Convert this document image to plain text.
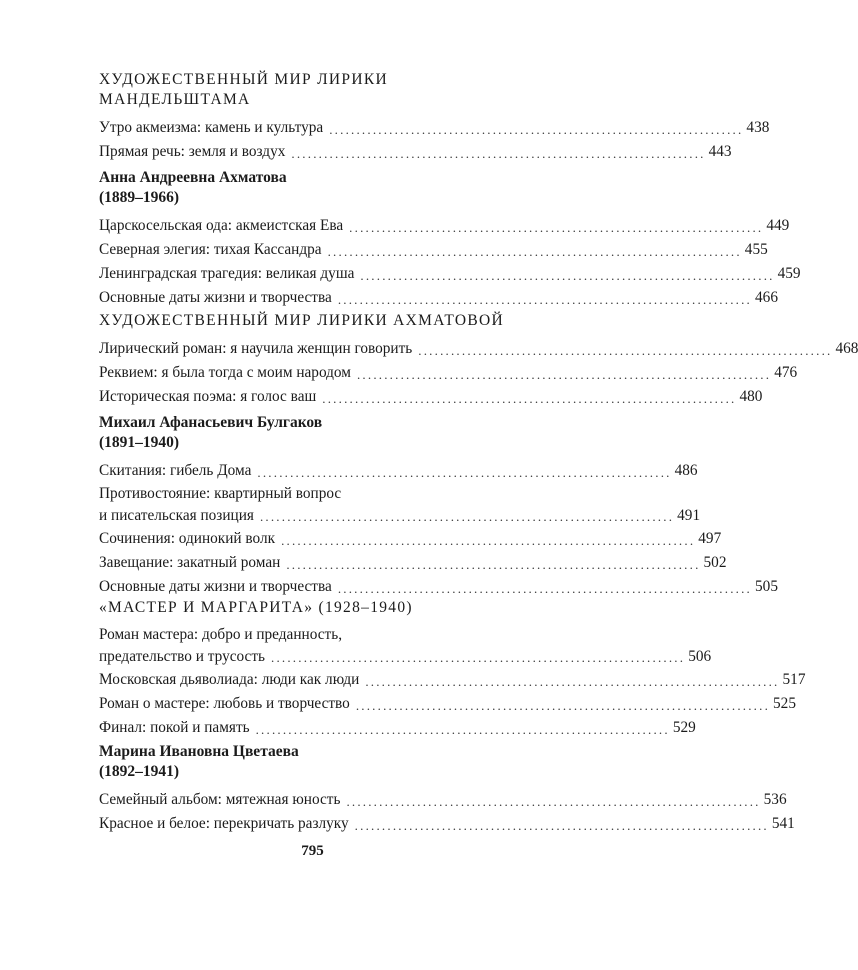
ХУДОЖЕСТВЕННЫЙ МИР ЛИРИКИ
МАНДЕЛЬШТАМА
Утро акмеизма: камень и культура ............................................................................ 438
Прямая речь: земля и воздух ............................................................................ 443
Анна Андреевна Ахматова
(1889–1966)
Царскосельская ода: акмеистская Ева ............................................................................ 449
Северная элегия: тихая Кассандра ............................................................................ 455
Ленинградская трагедия: великая душа ............................................................................ 459
Основные даты жизни и творчества ............................................................................ 466
ХУДОЖЕСТВЕННЫЙ МИР ЛИРИКИ АХМАТОВОЙ
Лирический роман: я научила женщин говорить ............................................................................ 468
Реквием: я была тогда с моим народом ............................................................................ 476
Историческая поэма: я голос ваш ............................................................................ 480
Михаил Афанасьевич Булгаков
(1891–1940)
Скитания: гибель Дома ............................................................................ 486
Противостояние: квартирный вопрос
и писательская позиция ............................................................................ 491
Сочинения: одинокий волк ............................................................................ 497
Завещание: закатный роман ............................................................................ 502
Основные даты жизни и творчества ............................................................................ 505
«МАСТЕР И МАРГАРИТА» (1928–1940)
Роман мастера: добро и преданность,
предательство и трусость ............................................................................ 506
Московская дьяволиада: люди как люди ............................................................................ 517
Роман о мастере: любовь и творчество ............................................................................ 525
Финал: покой и память ............................................................................ 529
Марина Ивановна Цветаева
(1892–1941)
Семейный альбом: мятежная юность ............................................................................ 536
Красное и белое: перекричать разлуку ............................................................................ 541
795
